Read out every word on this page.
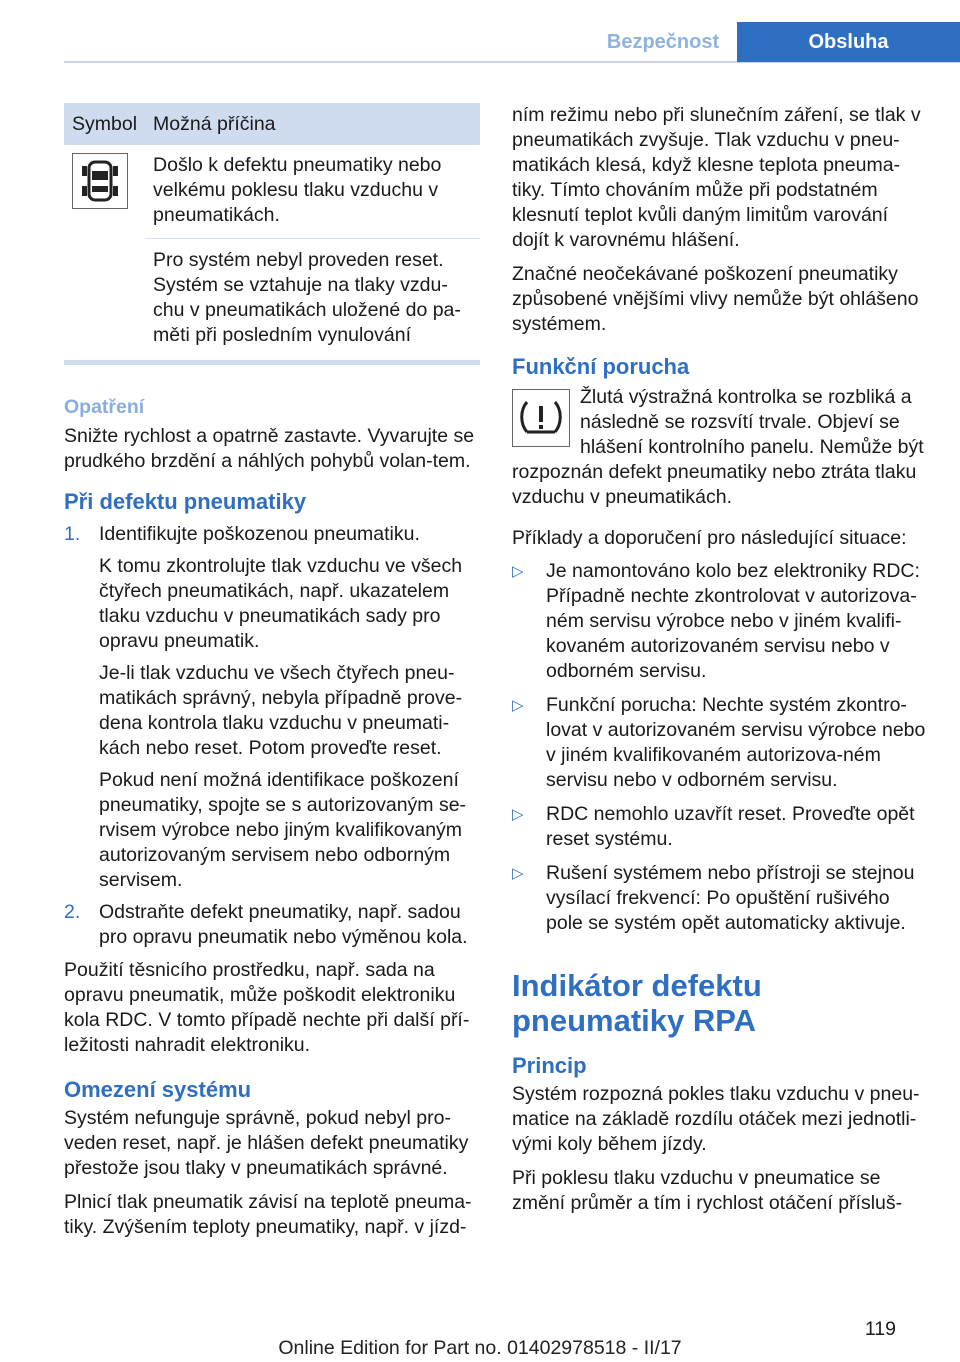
Bezpečnost	Obsluha
Symbol	Možná příčina

	Došlo k defektu pneumatiky nebo velkému poklesu tlaku vzduchu v pneumatikách.
	Pro systém nebyl proveden reset. Systém se vztahuje na tlaky vzdu-chu v pneumatikách uložené do pa-měti při posledním vynulování
Opatření

Snižte rychlost a opatrně zastavte. Vyvarujte se prudkého brzdění a náhlých pohybů volan-tem.

Při defektu pneumatiky
1. Identifikujte poškozenou pneumatiku.

K tomu zkontrolujte tlak vzduchu ve všech čtyřech pneumatikách, např. ukazatelem tlaku vzduchu v pneumatikách sady pro opravu pneumatik.

Je-li tlak vzduchu ve všech čtyřech pneu-matikách správný, nebyla případně prove-dena kontrola tlaku vzduchu v pneumati-kách nebo reset. Potom proveďte reset.

Pokud není možná identifikace poškození pneumatiky, spojte se s autorizovaným se-rvisem výrobce nebo jiným kvalifikovaným autorizovaným servisem nebo odborným servisem.

2. Odstraňte defekt pneumatiky, např. sadou pro opravu pneumatik nebo výměnou kola.

Použití těsnicího prostředku, např. sada na opravu pneumatik, může poškodit elektroniku kola RDC. V tomto případě nechte při další pří-ležitosti nahradit elektroniku.

Omezení systému

Systém nefunguje správně, pokud nebyl pro-veden reset, např. je hlášen defekt pneumatiky přestože jsou tlaky v pneumatikách správné.

Plnicí tlak pneumatik závisí na teplotě pneuma-tiky. Zvýšením teploty pneumatiky, např. v jízd-

ním režimu nebo při slunečním záření, se tlak v pneumatikách zvyšuje. Tlak vzduchu v pneu-matikách klesá, když klesne teplota pneuma-tiky. Tímto chováním může při podstatném klesnutí teplot kvůli daným limitům varování dojít k varovnému hlášení.

Značné neočekávané poškození pneumatiky způsobené vnějšími vlivy nemůže být ohlášeno systémem.

Funkční porucha

Žlutá výstražná kontrolka se rozbliká a následně se rozsvítí trvale. Objeví se hlášení kontrolního panelu. Nemůže být rozpoznán defekt pneumatiky nebo ztráta tlaku vzduchu v pneumatikách.

Příklady a doporučení pro následující situace:

▷ Je namontováno kolo bez elektroniky RDC: Případně nechte zkontrolovat v autorizova-ném servisu výrobce nebo v jiném kvalifi-kovaném autorizovaném servisu nebo v odborném servisu.
▷ Funkční porucha: Nechte systém zkontro-lovat v autorizovaném servisu výrobce nebo v jiném kvalifikovaném autorizova-ném servisu nebo v odborném servisu.
▷ RDC nemohlo uzavřít reset. Proveďte opět reset systému.
▷ Rušení systémem nebo přístroji se stejnou vysílací frekvencí: Po opuštění rušivého pole se systém opět automaticky aktivuje.
Indikátor defektu pneumatiky RPA
Princip

Systém rozpozná pokles tlaku vzduchu v pneu-matice na základě rozdílu otáček mezi jednotli-vými koly během jízdy.

Při poklesu tlaku vzduchu v pneumatice se změní průměr a tím i rychlost otáčení přísluš-

119
Online Edition for Part no. 01402978518 - II/17
